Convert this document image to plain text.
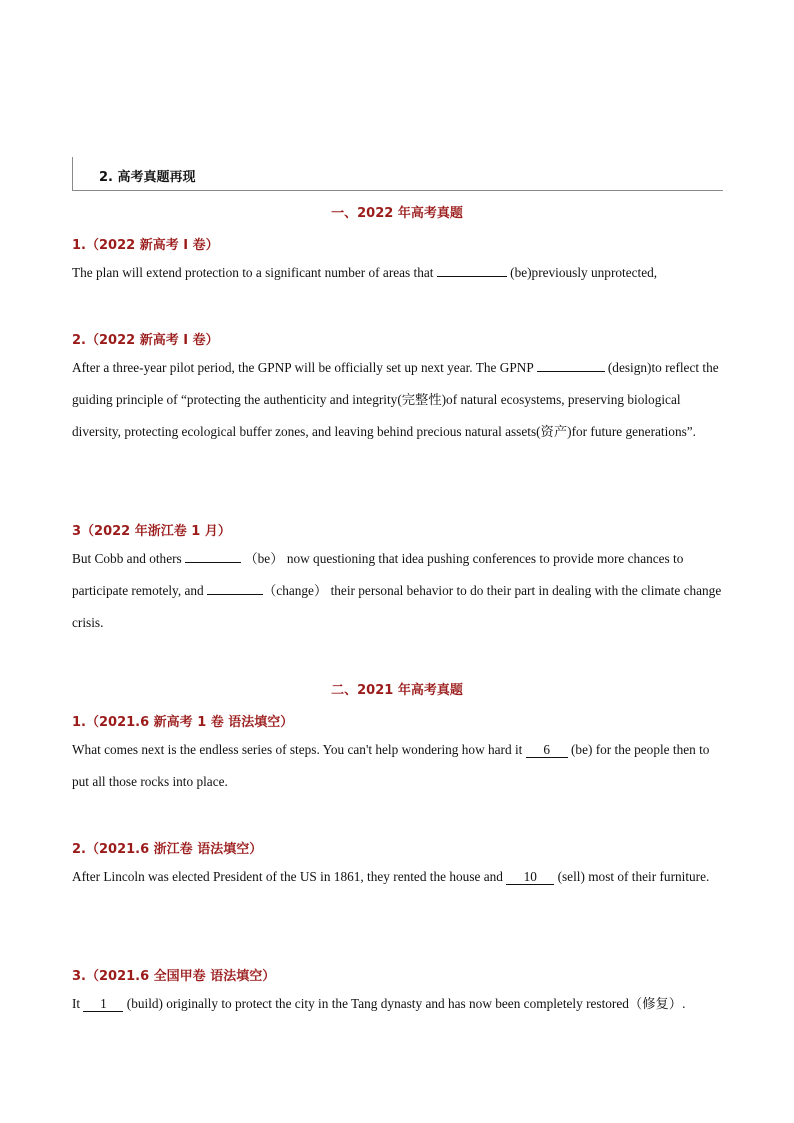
2. 高考真题再现
一、2022 年高考真题
1.（2022 新高考 I 卷）
The plan will extend protection to a significant number of areas that	(be)previously unprotected,
2.（2022 新高考 I 卷）
After a three-year pilot period, the GPNP will be officially set up next year. The GPNP	(design)to reflect the guiding principle of “protecting the authenticity and integrity(完整性)of natural ecosystems, preserving biological diversity, protecting ecological buffer zones, and leaving behind precious natural assets(资产)for future generations”.
3（2022 年浙江卷 1 月）
But Cobb and others	（be） now questioning that idea pushing conferences to provide more chances to participate remotely, and	（change） their personal behavior to do their part in dealing with the climate change crisis.
二、2021 年高考真题
1.（2021.6 新高考 1 卷 语法填空）
What comes next is the endless series of steps. You can't help wondering how hard it 6 (be) for the people then to put all those rocks into place.
2.（2021.6 浙江卷 语法填空）
After Lincoln was elected President of the US in 1861, they rented the house and 10 (sell) most of their furniture.
3.（2021.6 全国甲卷 语法填空）
It 1 (build) originally to protect the city in the Tang dynasty and has now been completely restored（修复）.
